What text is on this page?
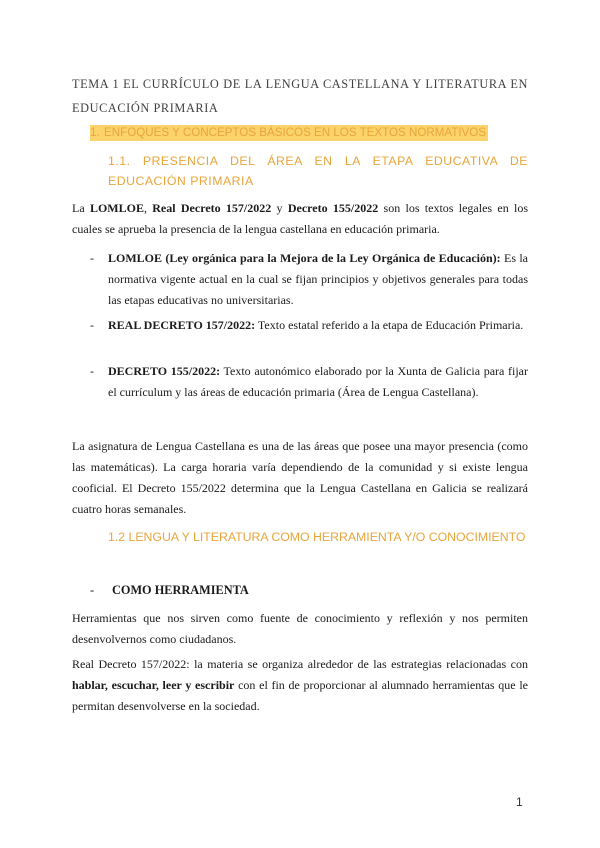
TEMA 1 EL CURRÍCULO DE LA LENGUA CASTELLANA Y LITERATURA EN EDUCACIÓN PRIMARIA
1. ENFOQUES Y CONCEPTOS BÁSICOS EN LOS TEXTOS NORMATIVOS
1.1. PRESENCIA DEL ÁREA EN LA ETAPA EDUCATIVA DE EDUCACIÓN PRIMARIA
La LOMLOE, Real Decreto 157/2022 y Decreto 155/2022 son los textos legales en los cuales se aprueba la presencia de la lengua castellana en educación primaria.
-	LOMLOE (Ley orgánica para la Mejora de la Ley Orgánica de Educación): Es la normativa vigente actual en la cual se fijan principios y objetivos generales para todas las etapas educativas no universitarias.
-	REAL DECRETO 157/2022: Texto estatal referido a la etapa de Educación Primaria.
-	DECRETO 155/2022: Texto autonómico elaborado por la Xunta de Galicia para fijar el currículum y las áreas de educación primaria (Área de Lengua Castellana).
La asignatura de Lengua Castellana es una de las áreas que posee una mayor presencia (como las matemáticas). La carga horaria varía dependiendo de la comunidad y si existe lengua cooficial. El Decreto 155/2022 determina que la Lengua Castellana en Galicia se realizará cuatro horas semanales.
1.2 LENGUA Y LITERATURA COMO HERRAMIENTA Y/O CONOCIMIENTO
- COMO HERRAMIENTA
Herramientas que nos sirven como fuente de conocimiento y reflexión y nos permiten desenvolvernos como ciudadanos.
Real Decreto 157/2022: la materia se organiza alrededor de las estrategias relacionadas con hablar, escuchar, leer y escribir con el fin de proporcionar al alumnado herramientas que le permitan desenvolverse en la sociedad.
1
